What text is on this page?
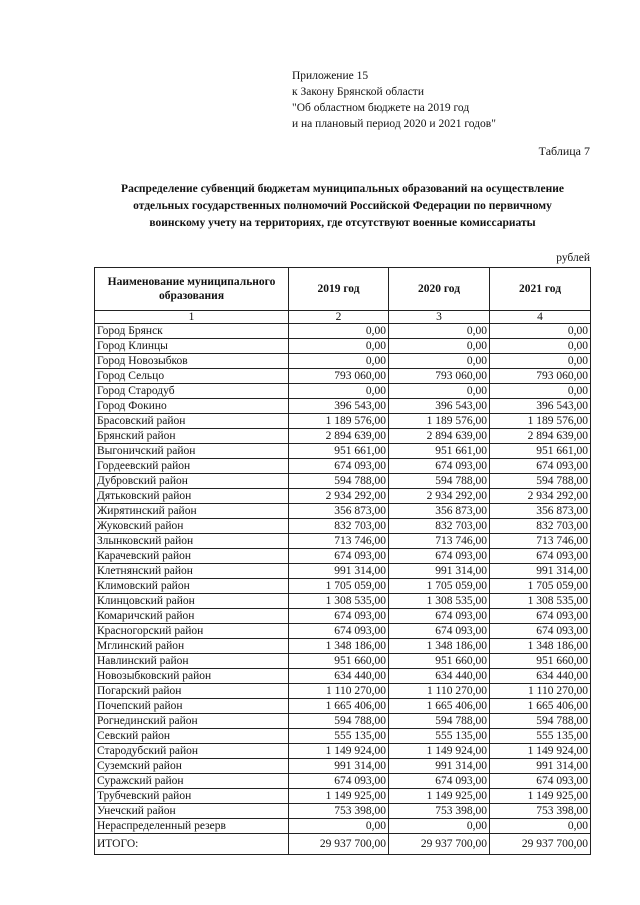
Приложение 15
к Закону Брянской области
"Об областном бюджете на 2019 год
и на плановый период 2020 и 2021 годов"
Таблица 7
Распределение субвенций бюджетам муниципальных образований на осуществление
отдельных государственных полномочий Российской Федерации по первичному
воинскому учету на территориях, где отсутствуют военные комиссариаты
рублей
Наименование муниципального образования	2019 год	2020 год	2021 год
1	2	3	4
Город Брянск	0,00	0,00	0,00
Город Клинцы	0,00	0,00	0,00
Город Новозыбков	0,00	0,00	0,00
Город Сельцо	793 060,00	793 060,00	793 060,00
Город Стародуб	0,00	0,00	0,00
Город Фокино	396 543,00	396 543,00	396 543,00
Брасовский район	1 189 576,00	1 189 576,00	1 189 576,00
Брянский район	2 894 639,00	2 894 639,00	2 894 639,00
Выгоничский район	951 661,00	951 661,00	951 661,00
Гордеевский район	674 093,00	674 093,00	674 093,00
Дубровский район	594 788,00	594 788,00	594 788,00
Дятьковский район	2 934 292,00	2 934 292,00	2 934 292,00
Жирятинский район	356 873,00	356 873,00	356 873,00
Жуковский район	832 703,00	832 703,00	832 703,00
Злынковский район	713 746,00	713 746,00	713 746,00
Карачевский район	674 093,00	674 093,00	674 093,00
Клетнянский район	991 314,00	991 314,00	991 314,00
Климовский район	1 705 059,00	1 705 059,00	1 705 059,00
Клинцовский район	1 308 535,00	1 308 535,00	1 308 535,00
Комаричский район	674 093,00	674 093,00	674 093,00
Красногорский район	674 093,00	674 093,00	674 093,00
Мглинский район	1 348 186,00	1 348 186,00	1 348 186,00
Навлинский район	951 660,00	951 660,00	951 660,00
Новозыбковский район	634 440,00	634 440,00	634 440,00
Погарский район	1 110 270,00	1 110 270,00	1 110 270,00
Почепский район	1 665 406,00	1 665 406,00	1 665 406,00
Рогнединский район	594 788,00	594 788,00	594 788,00
Севский район	555 135,00	555 135,00	555 135,00
Стародубский район	1 149 924,00	1 149 924,00	1 149 924,00
Суземский район	991 314,00	991 314,00	991 314,00
Суражский район	674 093,00	674 093,00	674 093,00
Трубчевский район	1 149 925,00	1 149 925,00	1 149 925,00
Унечский район	753 398,00	753 398,00	753 398,00
Нераспределенный резерв	0,00	0,00	0,00
ИТОГО:	29 937 700,00	29 937 700,00	29 937 700,00
